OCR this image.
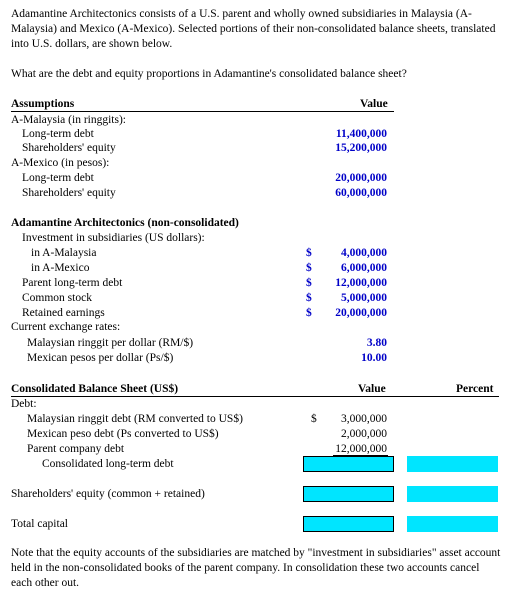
Adamantine Architectonics consists of a U.S. parent and wholly owned subsidiaries in Malaysia (A-Malaysia) and Mexico (A-Mexico). Selected portions of their non-consolidated balance sheets, translated into U.S. dollars, are shown below.
What are the debt and equity proportions in Adamantine's consolidated balance sheet?
Assumptions	Value
A-Malaysia (in ringgits):
Long-term debt	11,400,000
Shareholders' equity	15,200,000
A-Mexico (in pesos):
Long-term debt	20,000,000
Shareholders' equity	60,000,000
Adamantine Architectonics (non-consolidated)
Investment in subsidiaries (US dollars):
in A-Malaysia	$	4,000,000
in A-Mexico	$	6,000,000
Parent long-term debt	$ 12,000,000
Common stock	$	5,000,000
Retained earnings	$ 20,000,000
Current exchange rates:
Malaysian ringgit per dollar (RM/$)	3.80
Mexican pesos per dollar (Ps/$)	10.00
Consolidated Balance Sheet (US$)	Value	Percent
Debt:
Malaysian ringgit debt (RM converted to US$)	$ 3,000,000
Mexican peso debt (Ps converted to US$)	2,000,000
Parent company debt	12,000,000
Consolidated long-term debt
Shareholders' equity (common + retained)
Total capital
Note that the equity accounts of the subsidiaries are matched by "investment in subsidiaries" asset account held in the non-consolidated books of the parent company. In consolidation these two accounts cancel each other out.
